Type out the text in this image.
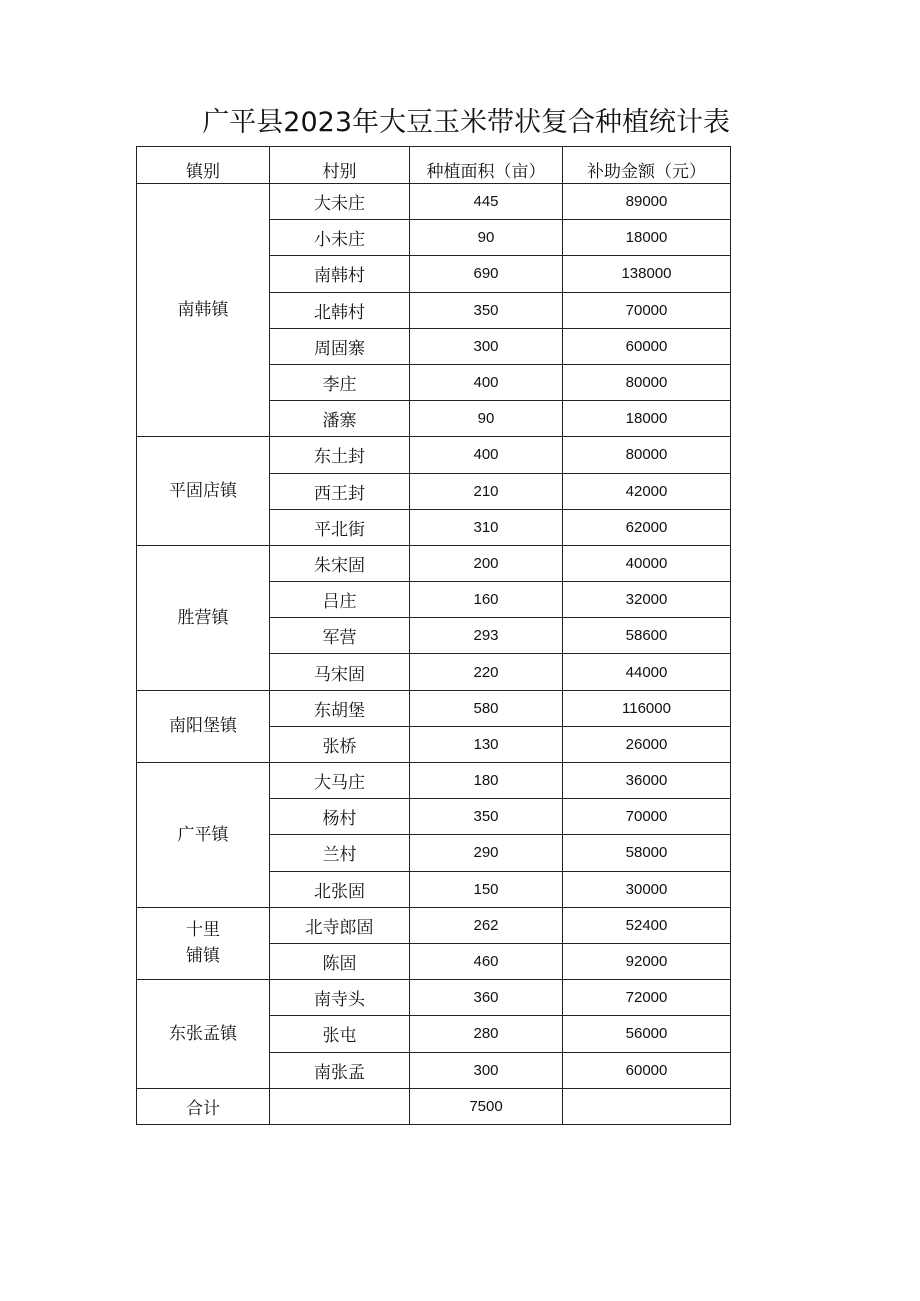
广平县2023年大豆玉米带状复合种植统计表
镇别	村别	种植面积（亩）	补助金额（元）
南韩镇	大未庄	445	89000
	小未庄	90	18000
	南韩村	690	138000
	北韩村	350	70000
	周固寨	300	60000
	李庄	400	80000
	潘寨	90	18000
平固店镇	东土封	400	80000
	西王封	210	42000
	平北街	310	62000
胜营镇	朱宋固	200	40000
	吕庄	160	32000
	军营	293	58600
	马宋固	220	44000
南阳堡镇	东胡堡	580	116000
	张桥	130	26000
广平镇	大马庄	180	36000
	杨村	350	70000
	兰村	290	58000
	北张固	150	30000

十里
铺镇	北寺郎固	262	52400
	陈固	460	92000
东张孟镇	南寺头	360	72000
	张屯	280	56000
	南张孟	300	60000
合计		7500	
